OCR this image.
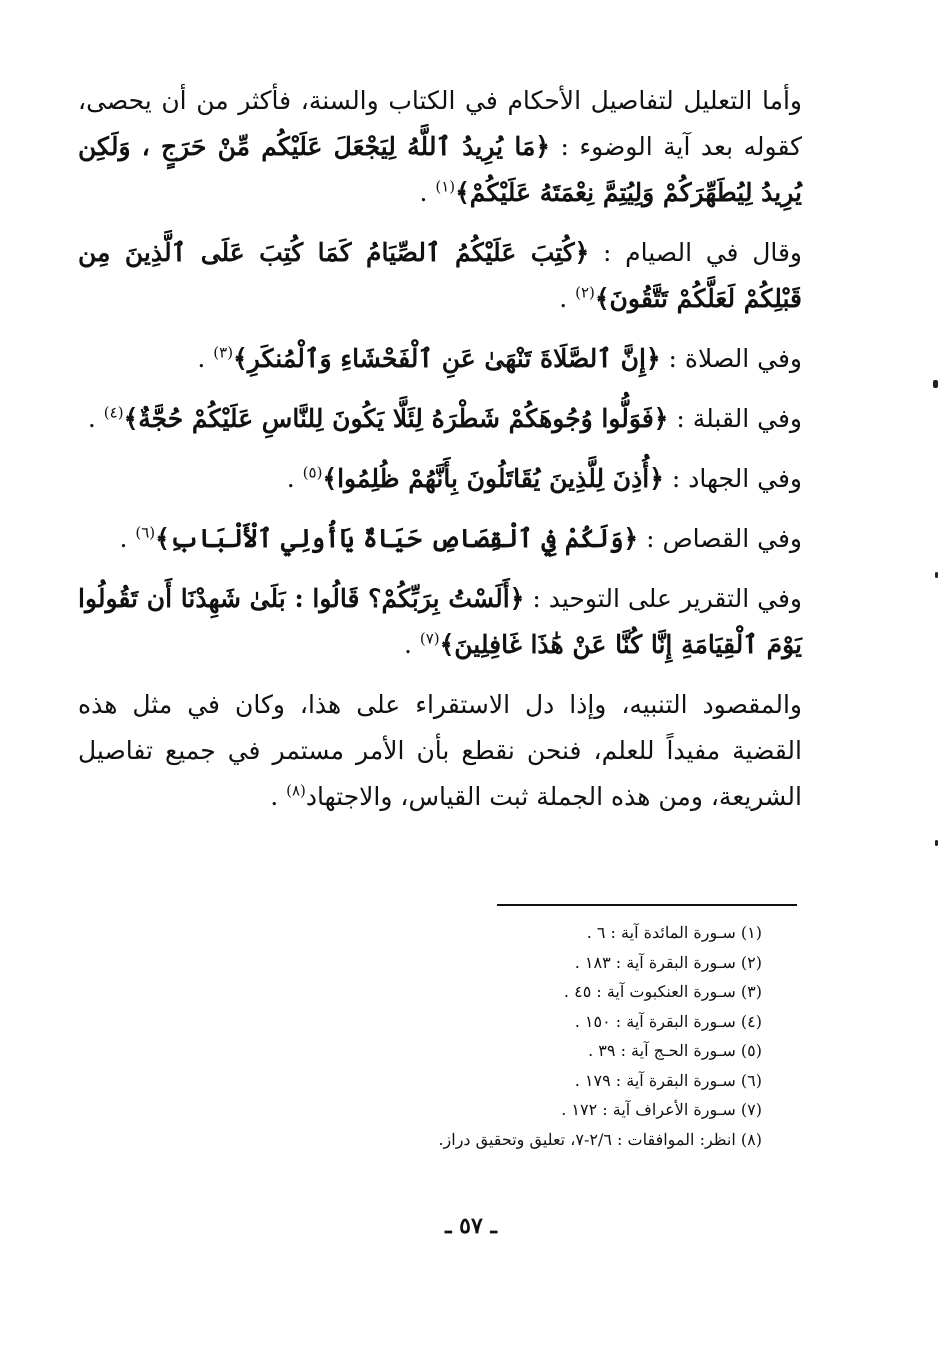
وأما التعليل لتفاصيل الأحكام في الكتاب والسنة، فأكثر من أن يحصى، كقوله بعد آية الوضوء : ﴿مَا يُرِيدُ ٱللَّهُ لِيَجْعَلَ عَلَيْكُم مِّنْ حَرَجٍ ، وَلَكِن يُرِيدُ لِيُطَهِّرَكُمْ وَلِيُتِمَّ نِعْمَتَهُ عَلَيْكُمْ﴾$^{(١)}$ .

وقال في الصيام : ﴿كُتِبَ عَلَيْكُمُ ٱلصِّيَامُ كَمَا كُتِبَ عَلَى ٱلَّذِينَ مِن قَبْلِكُمْ لَعَلَّكُمْ تَتَّقُونَ﴾$^{(٢)}$ .

وفي الصلاة : ﴿إِنَّ ٱلصَّلَاةَ تَنْهَىٰ عَنِ ٱلْفَحْشَاءِ وَٱلْمُنكَرِ﴾$^{(٣)}$ .

وفي القبلة : ﴿فَوَلُّوا وُجُوهَكُمْ شَطْرَهُ لِئَلَّا يَكُونَ لِلنَّاسِ عَلَيْكُمْ حُجَّةٌ﴾$^{(٤)}$ .

وفي الجهاد : ﴿أُذِنَ لِلَّذِينَ يُقَاتَلُونَ بِأَنَّهُمْ ظُلِمُوا﴾$^{(٥)}$ .

وفي القصاص : ﴿وَلَكُمْ فِي ٱلْقِصَاصِ حَيَاةٌ يَاأُولِي ٱلْأَلْبَابِ﴾$^{(٦)}$ .

وفي التقرير على التوحيد : ﴿أَلَسْتُ بِرَبِّكُمْ؟ قَالُوا : بَلَىٰ شَهِدْنَا أَن تَقُولُوا يَوْمَ ٱلْقِيَامَةِ إِنَّا كُنَّا عَنْ هَٰذَا غَافِلِينَ﴾$^{(٧)}$ .

والمقصود التنبيه، وإذا دل الاستقراء على هذا، وكان في مثل هذه القضية مفيداً للعلم، فنحن نقطع بأن الأمر مستمر في جميع تفاصيل الشريعة، ومن هذه الجملة ثبت القياس، والاجتهاد$^{(٨)}$ .

(١) سـورة المائدة آية : ٦ .
(٢) سـورة البقرة آية : ١٨٣ .
(٣) سـورة العنكبوت آية : ٤٥ .
(٤) سـورة البقرة آية : ١٥٠ .
(٥) سـورة الحـج آية : ٣٩ .
(٦) سـورة البقرة آية : ١٧٩ .
(٧) سـورة الأعراف آية : ١٧٢ .
(٨) انظر: الموافقات : ٢/٦-٧، تعليق وتحقيق دراز.
ـ ٥٧ ـ
